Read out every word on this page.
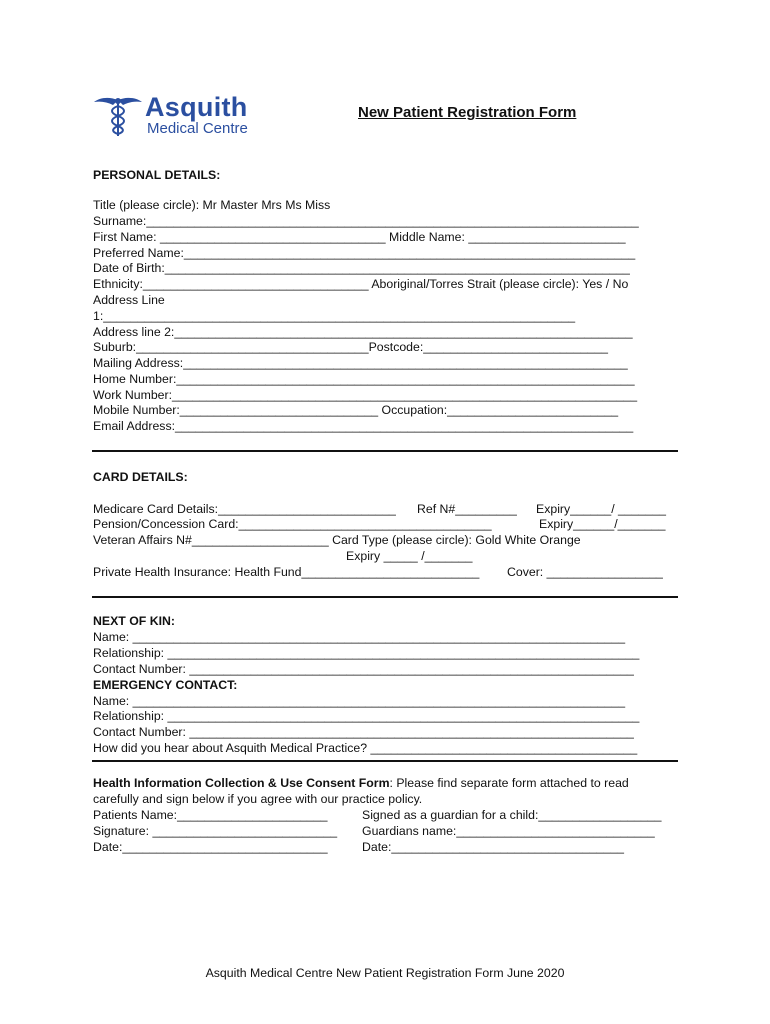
Asquith
Medical Centre
New Patient Registration Form
PERSONAL DETAILS:
Title (please circle): Mr Master Mrs Ms Miss
Surname:________________________________________________________________________
First Name: _________________________________ Middle Name: _______________________
Preferred Name:__________________________________________________________________
Date of Birth:____________________________________________________________________
Ethnicity:_________________________________ Aboriginal/Torres Strait (please circle): Yes / No
Address Line
1:_____________________________________________________________________
Address line 2:___________________________________________________________________
Suburb:__________________________________Postcode:___________________________
Mailing Address:_________________________________________________________________
Home Number:___________________________________________________________________
Work Number:____________________________________________________________________
Mobile Number:_____________________________ Occupation:_________________________
Email Address:___________________________________________________________________
CARD DETAILS:
Medicare Card Details:__________________________ Ref N#_________ Expiry______/ _______
Pension/Concession Card:_____________________________________	Expiry______/_______
Veteran Affairs N#____________________ Card Type (please circle): Gold White Orange
Expiry _____ /_______
Private Health Insurance: Health Fund__________________________ Cover: _________________
NEXT OF KIN:
Name: ________________________________________________________________________
Relationship: _____________________________________________________________________
Contact Number: _________________________________________________________________
EMERGENCY CONTACT:
Name: ________________________________________________________________________
Relationship: _____________________________________________________________________
Contact Number: _________________________________________________________________
How did you hear about Asquith Medical Practice? _______________________________________
Health Information Collection & Use Consent Form: Please find separate form attached to read
carefully and sign below if you agree with our practice policy.
Patients Name:______________________	Signed as a guardian for a child:__________________
Signature: ___________________________ Guardians name:_____________________________
Date:______________________________	Date:__________________________________
Asquith Medical Centre New Patient Registration Form June 2020
